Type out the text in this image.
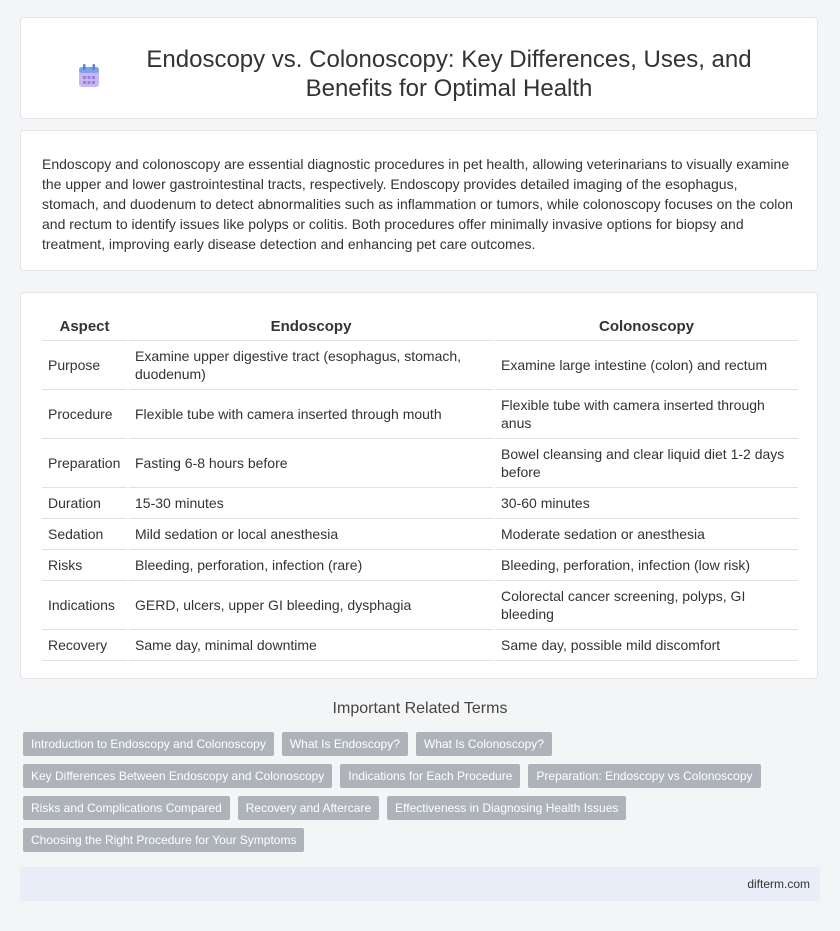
Endoscopy vs. Colonoscopy: Key Differences, Uses, and Benefits for Optimal Health

Endoscopy and colonoscopy are essential diagnostic procedures in pet health, allowing veterinarians to visually examine the upper and lower gastrointestinal tracts, respectively. Endoscopy provides detailed imaging of the esophagus, stomach, and duodenum to detect abnormalities such as inflammation or tumors, while colonoscopy focuses on the colon and rectum to identify issues like polyps or colitis. Both procedures offer minimally invasive options for biopsy and treatment, improving early disease detection and enhancing pet care outcomes.

Aspect	Endoscopy	Colonoscopy
Purpose	Examine upper digestive tract (esophagus, stomach, duodenum)	Examine large intestine (colon) and rectum
Procedure	Flexible tube with camera inserted through mouth	Flexible tube with camera inserted through anus
Preparation	Fasting 6-8 hours before	Bowel cleansing and clear liquid diet 1-2 days before
Duration	15-30 minutes	30-60 minutes
Sedation	Mild sedation or local anesthesia	Moderate sedation or anesthesia
Risks	Bleeding, perforation, infection (rare)	Bleeding, perforation, infection (low risk)
Indications	GERD, ulcers, upper GI bleeding, dysphagia	Colorectal cancer screening, polyps, GI bleeding
Recovery	Same day, minimal downtime	Same day, possible mild discomfort
Important Related Terms
Introduction to Endoscopy and Colonoscopy	What Is Endoscopy?	What Is Colonoscopy?
Key Differences Between Endoscopy and Colonoscopy	Indications for Each Procedure	Preparation: Endoscopy vs Colonoscopy
Risks and Complications Compared	Recovery and Aftercare	Effectiveness in Diagnosing Health Issues
Choosing the Right Procedure for Your Symptoms
difterm.com
